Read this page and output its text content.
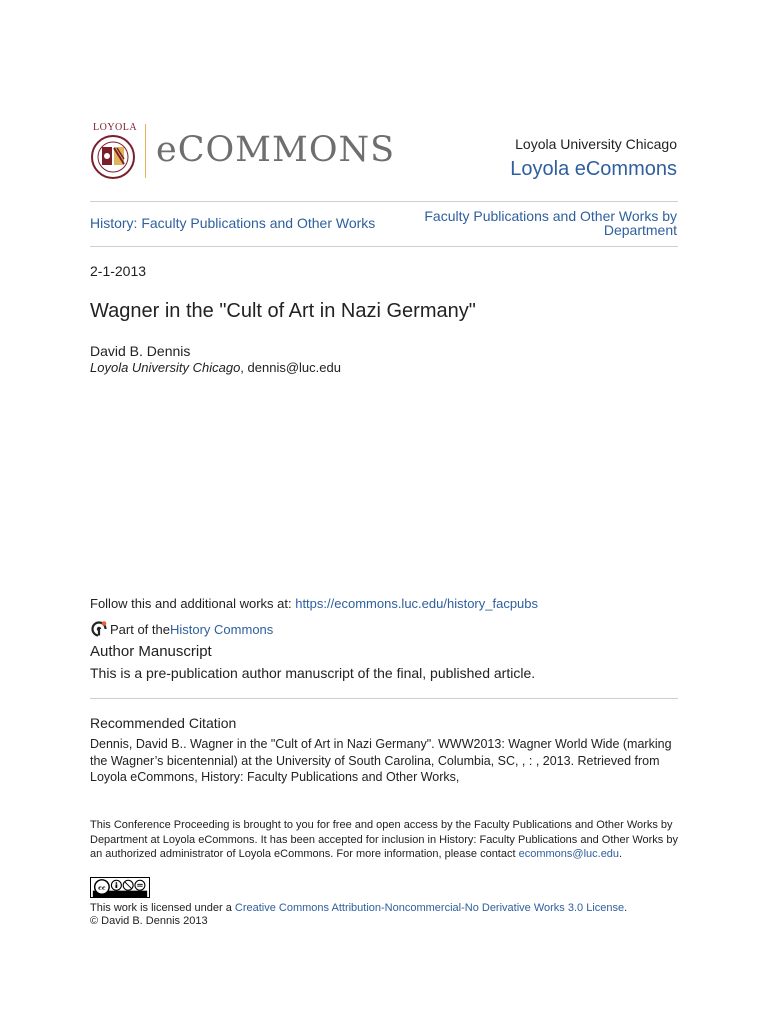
LOYOLA
eCOMMONS	Loyola University Chicago
Loyola eCommons
History: Faculty Publications and Other Works	Faculty Publications and Other Works by Department
2-1-2013
Wagner in the "Cult of Art in Nazi Germany"
David B. Dennis
Loyola University Chicago, dennis@luc.edu
Follow this and additional works at: https://ecommons.luc.edu/history_facpubs
Part of the History Commons
Author Manuscript
This is a pre-publication author manuscript of the final, published article.
Recommended Citation
Dennis, David B.. Wagner in the "Cult of Art in Nazi Germany". WWW2013: Wagner World Wide (marking the Wagner’s bicentennial) at the University of South Carolina, Columbia, SC, , : , 2013. Retrieved from Loyola eCommons, History: Faculty Publications and Other Works,
This Conference Proceeding is brought to you for free and open access by the Faculty Publications and Other Works by Department at Loyola eCommons. It has been accepted for inclusion in History: Faculty Publications and Other Works by an authorized administrator of Loyola eCommons. For more information, please contact ecommons@luc.edu.
cc
This work is licensed under a Creative Commons Attribution-Noncommercial-No Derivative Works 3.0 License.
© David B. Dennis 2013
